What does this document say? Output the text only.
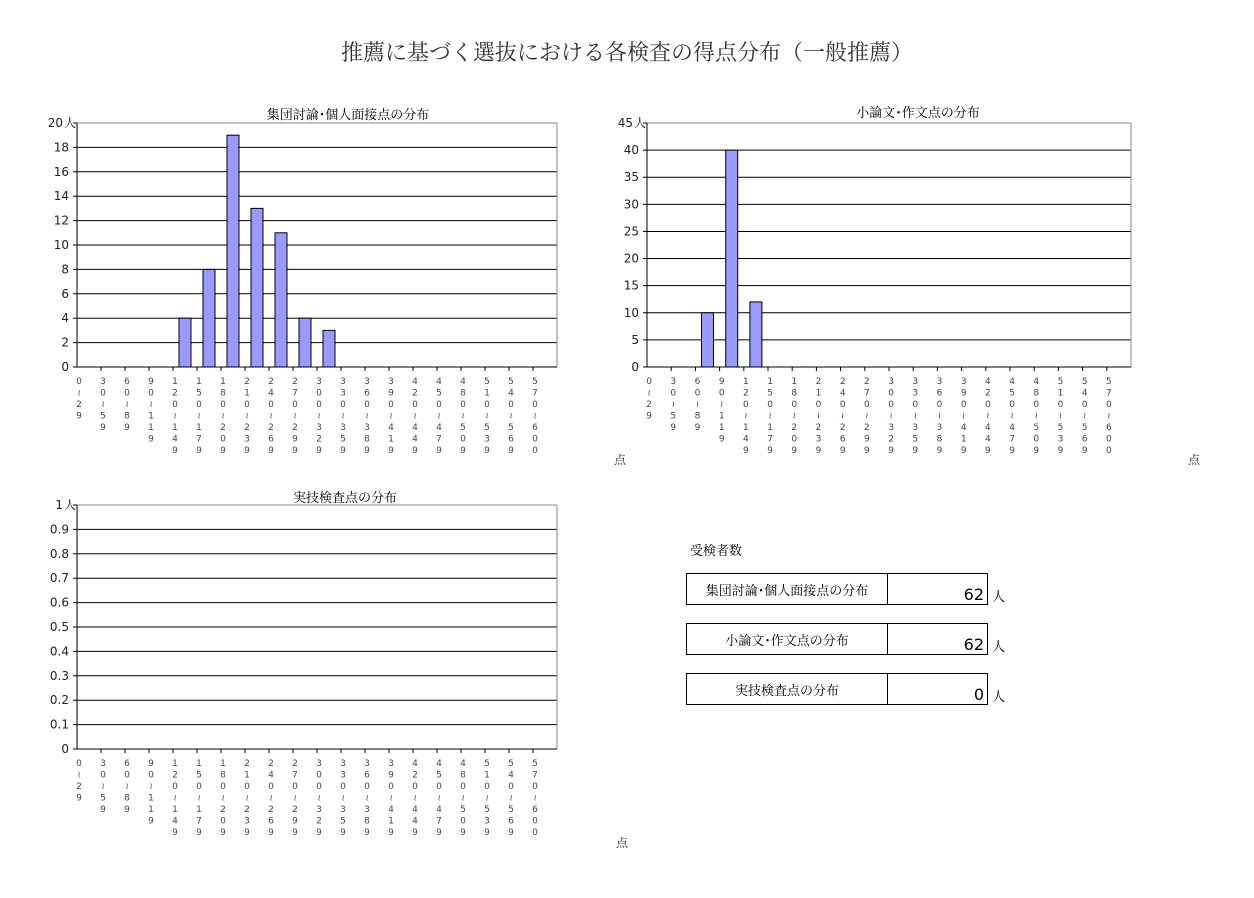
推薦に基づく選抜における各検査の得点分布（一般推薦）
集団討論･個人面接点の分布
0
2
4
6
8
10
12
14
16
18
20 人
0 ≀ 2 9
3 0 ≀ 5 9
6 0 ≀ 8 9
9 0 ≀ 1 1 9
1 2 0 ≀ 1 4 9
1 5 0 ≀ 1 7 9
1 8 0 ≀ 2 0 9
2 1 0 ≀ 2 3 9
2 4 0 ≀ 2 6 9
2 7 0 ≀ 2 9 9
3 0 0 ≀ 3 2 9
3 3 0 ≀ 3 5 9
3 6 0 ≀ 3 8 9
3 9 0 ≀ 4 1 9
4 2 0 ≀ 4 4 9
4 5 0 ≀ 4 7 9
4 8 0 ≀ 5 0 9
5 1 0 ≀ 5 3 9
5 4 0 ≀ 5 6 9
5 7 0 ≀ 6 0 0
点
小論文･作文点の分布
0
5
10
15
20
25
30
35
40
45 人
0 ≀ 2 9
3 0 ≀ 5 9
6 0 ≀ 8 9
9 0 ≀ 1 1 9
1 2 0 ≀ 1 4 9
1 5 0 ≀ 1 7 9
1 8 0 ≀ 2 0 9
2 1 0 ≀ 2 3 9
2 4 0 ≀ 2 6 9
2 7 0 ≀ 2 9 9
3 0 0 ≀ 3 2 9
3 3 0 ≀ 3 5 9
3 6 0 ≀ 3 8 9
3 9 0 ≀ 4 1 9
4 2 0 ≀ 4 4 9
4 5 0 ≀ 4 7 9
4 8 0 ≀ 5 0 9
5 1 0 ≀ 5 3 9
5 4 0 ≀ 5 6 9
5 7 0 ≀ 6 0 0
点
実技検査点の分布
0
0.1
0.2
0.3
0.4
0.5
0.6
0.7
0.8
0.9
1 人
0 ≀ 2 9
3 0 ≀ 5 9
6 0 ≀ 8 9
9 0 ≀ 1 1 9
1 2 0 ≀ 1 4 9
1 5 0 ≀ 1 7 9
1 8 0 ≀ 2 0 9
2 1 0 ≀ 2 3 9
2 4 0 ≀ 2 6 9
2 7 0 ≀ 2 9 9
3 0 0 ≀ 3 2 9
3 3 0 ≀ 3 5 9
3 6 0 ≀ 3 8 9
3 9 0 ≀ 4 1 9
4 2 0 ≀ 4 4 9
4 5 0 ≀ 4 7 9
4 8 0 ≀ 5 0 9
5 1 0 ≀ 5 3 9
5 4 0 ≀ 5 6 9
5 7 0 ≀ 6 0 0
点
受検者数
集団討論･個人面接点の分布	62 人
小論文･作文点の分布	62 人
実技検査点の分布	0 人
